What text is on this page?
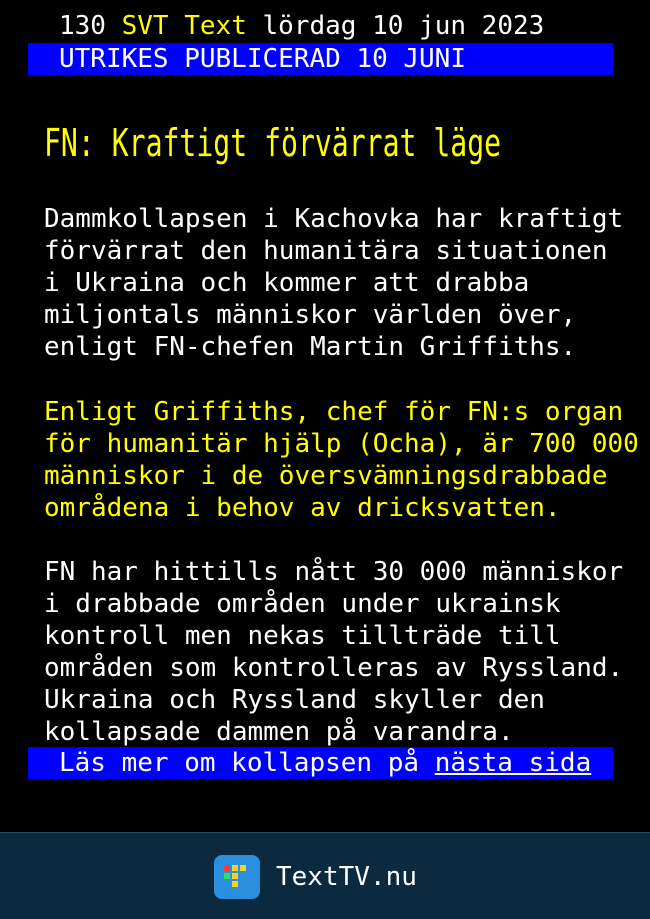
130 SVT Text lördag 10 jun 2023
UTRIKES PUBLICERAD 10 JUNI
FN: Kraftigt förvärrat läge

Dammkollapsen i Kachovka har kraftigt
förvärrat den humanitära situationen
i Ukraina och kommer att drabba
miljontals människor världen över,
enligt FN-chefen Martin Griffiths.

Enligt Griffiths, chef för FN:s organ
för humanitär hjälp (Ocha), är 700 000
människor i de översvämningsdrabbade
områdena i behov av dricksvatten.

FN har hittills nått 30 000 människor
i drabbade områden under ukrainsk
kontroll men nekas tillträde till
områden som kontrolleras av Ryssland.
Ukraina och Ryssland skyller den
kollapsade dammen på varandra.

Läs mer om kollapsen på nästa sida
TextTV.nu
